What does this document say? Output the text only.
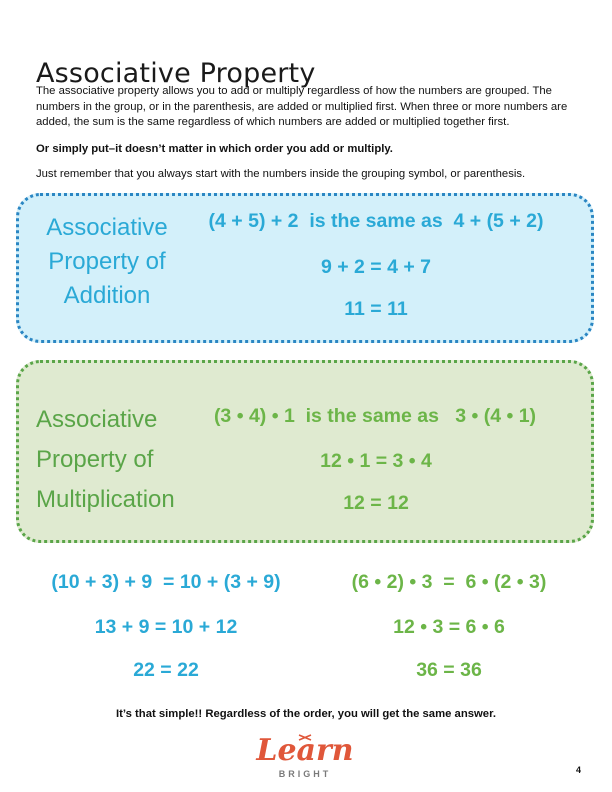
Associative Property

The associative property allows you to add or multiply regardless of how the numbers are grouped. The numbers in the group, or in the parenthesis, are added or multiplied first. When three or more numbers are added, the sum is the same regardless of which numbers are added or multiplied together first.

Or simply put–it doesn’t matter in which order you add or multiply.

Just remember that you always start with the numbers inside the grouping symbol, or parenthesis.

Associative
Property of
Addition
(4 + 5) + 2  is the same as  4 + (5 + 2)
9 + 2 = 4 + 7
11 = 11
Associative
Property of
Multiplication
(3 • 4) • 1  is the same as   3 • (4 • 1)
12 • 1 = 3 • 4
12 = 12
(10 + 3) + 9  = 10 + (3 + 9)
13 + 9 = 10 + 12
22 = 22
(6 • 2) • 3  =  6 • (2 • 3)
12 • 3 = 6 • 6
36 = 36

It’s that simple!! Regardless of the order, you will get the same answer.

Learn
BRIGHT	4
